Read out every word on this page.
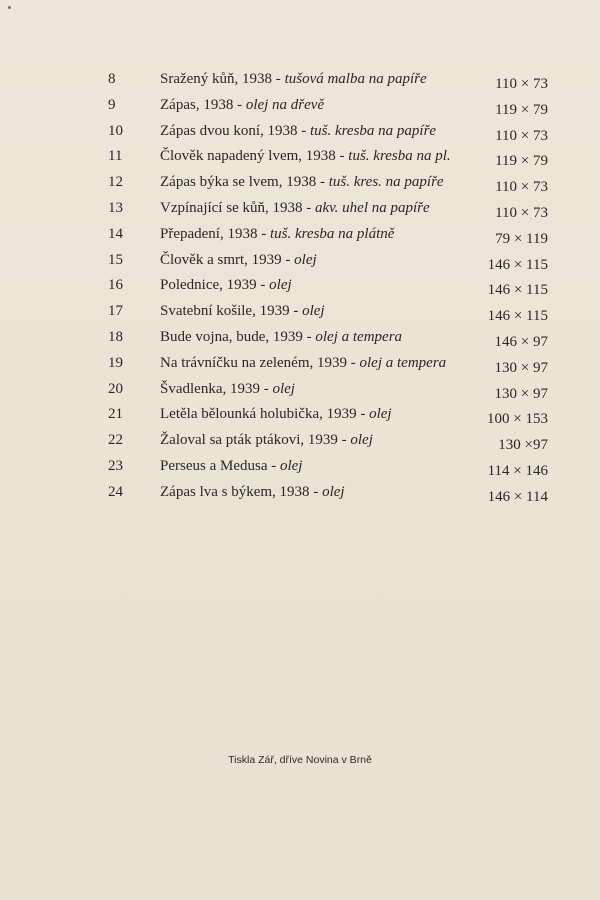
8	Sražený kůň, 1938 - tušová malba na papíře	110 × 73
9	Zápas, 1938 - olej na dřevě	119 × 79
10 Zápas dvou koní, 1938 - tuš. kresba na papíře	110 × 73
11	Člověk napadený lvem, 1938 - tuš. kresba na pl.	119 × 79
12 Zápas býka se lvem, 1938 - tuš. kres. na papíře	110 × 73
13 Vzpínající se kůň, 1938 - akv. uhel na papíře	110 × 73
14 Přepadení, 1938 - tuš. kresba na plátně	79 × 119
15 Člověk a smrt, 1939 - olej	146 × 115
16 Polednice, 1939 - olej	146 × 115
17 Svatební košile, 1939 - olej	146 × 115
18 Bude vojna, bude, 1939 - olej a tempera	146 × 97
19 Na trávníčku na zeleném, 1939 - olej a tempera	130 × 97
20 Švadlenka, 1939 - olej	130 × 97
21 Letěla bělounká holubička, 1939 - olej	100 × 153
22 Žaloval sa pták ptákovi, 1939 - olej	130 ×97
23 Perseus a Medusa - olej	114 × 146
24 Zápas lva s býkem, 1938 - olej	146 × 114
Tiskla Zář, dříve Novina v Brně
